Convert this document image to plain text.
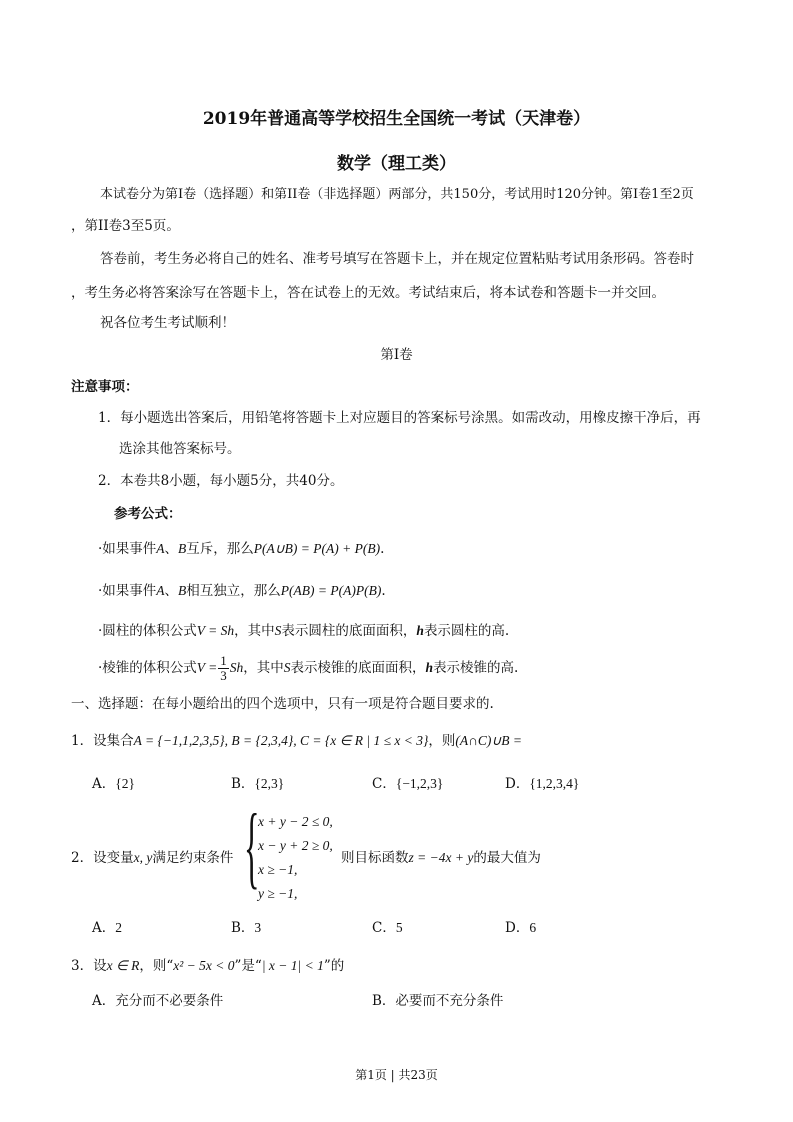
2019年普通高等学校招生全国统一考试（天津卷）
数学（理工类）
本试卷分为第I卷（选择题）和第II卷（非选择题）两部分，共150分，考试用时120分钟。第I卷1至2页
，第II卷3至5页。
答卷前，考生务必将自己的姓名、准考号填写在答题卡上，并在规定位置粘贴考试用条形码。答卷时
，考生务必将答案涂写在答题卡上，答在试卷上的无效。考试结束后，将本试卷和答题卡一并交回。
祝各位考生考试顺利！
第I卷
注意事项：
1．每小题选出答案后，用铅笔将答题卡上对应题目的答案标号涂黑。如需改动，用橡皮擦干净后，再
选涂其他答案标号。
2．本卷共8小题，每小题5分，共40分。
参考公式：
·如果事件A、B互斥，那么P(A∪B) = P(A) + P(B).
·如果事件A、B相互独立，那么P(AB) = P(A)P(B).
·圆柱的体积公式V = Sh，其中S表示圆柱的底面面积，h表示圆柱的高.
·棱锥的体积公式$V = \frac{1}{3}$ Sh，其中S表示棱锥的底面面积，h表示棱锥的高.
一、选择题：在每小题给出的四个选项中，只有一项是符合题目要求的.
1．设集合A = {−1,1,2,3,5}, B = {2,3,4}, C = {x ∈ R | 1 ≤ x < 3}，则(A∩C)∪B =
A．{2}	B．{2,3}	C．{−1,2,3}	D．{1,2,3,4}
2．设变量x, y满足约束条件 {
x + y − 2 ≤ 0,
x − y + 2 ≥ 0,
x ≥ −1,
y ≥ −1,
则目标函数z = −4x + y的最大值为
A．2	B．3	C．5	D．6
3．设x ∈ R，则“x² − 5x < 0”是“| x − 1| < 1”的
A．充分而不必要条件	B．必要而不充分条件
第1页 | 共23页
